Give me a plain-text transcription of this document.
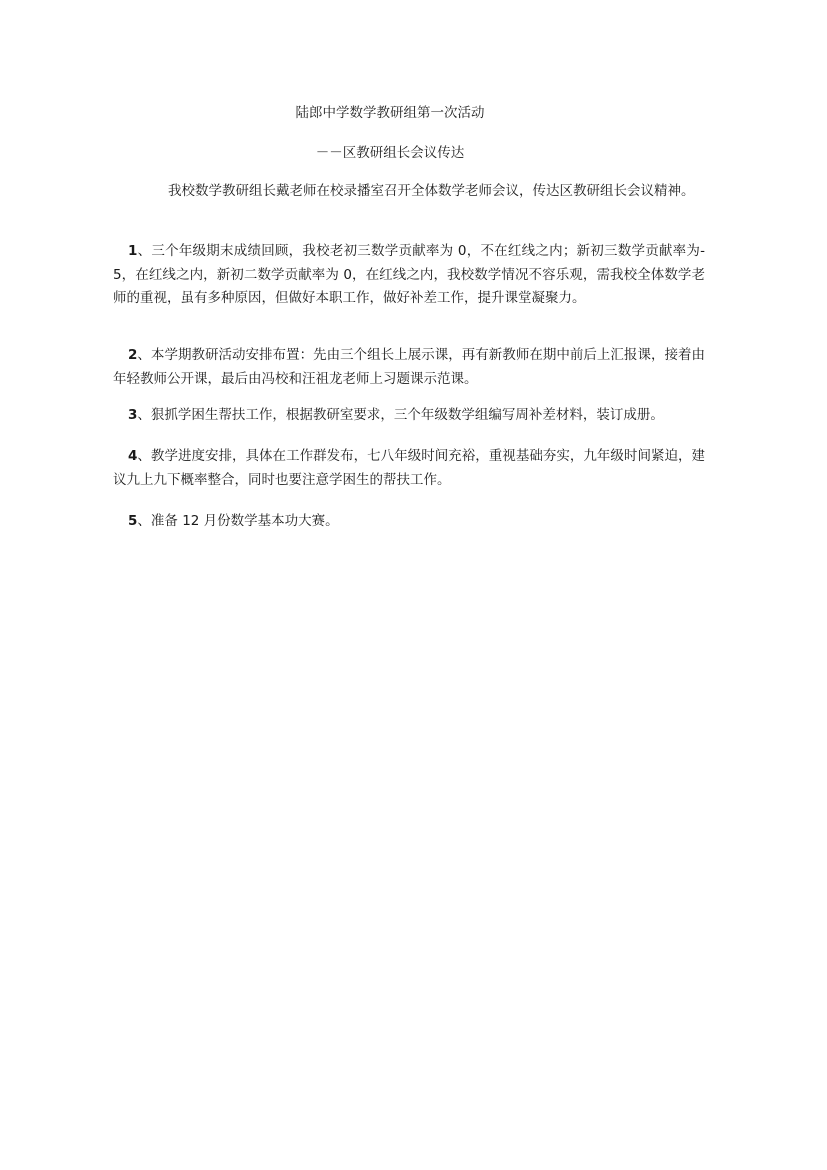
陆郎中学数学教研组第一次活动
－－区教研组长会议传达
我校数学教研组长戴老师在校录播室召开全体数学老师会议，传达区教研组长会议精神。
1、三个年级期末成绩回顾，我校老初三数学贡献率为 0，不在红线之内；新初三数学贡献率为-5，在红线之内，新初二数学贡献率为 0，在红线之内，我校数学情况不容乐观，需我校全体数学老师的重视，虽有多种原因，但做好本职工作，做好补差工作，提升课堂凝聚力。
2、本学期教研活动安排布置：先由三个组长上展示课，再有新教师在期中前后上汇报课，接着由年轻教师公开课，最后由冯校和汪祖龙老师上习题课示范课。
3、狠抓学困生帮扶工作，根据教研室要求，三个年级数学组编写周补差材料，装订成册。
4、教学进度安排，具体在工作群发布，七八年级时间充裕，重视基础夯实，九年级时间紧迫，建议九上九下概率整合，同时也要注意学困生的帮扶工作。
5、准备 12 月份数学基本功大赛。
